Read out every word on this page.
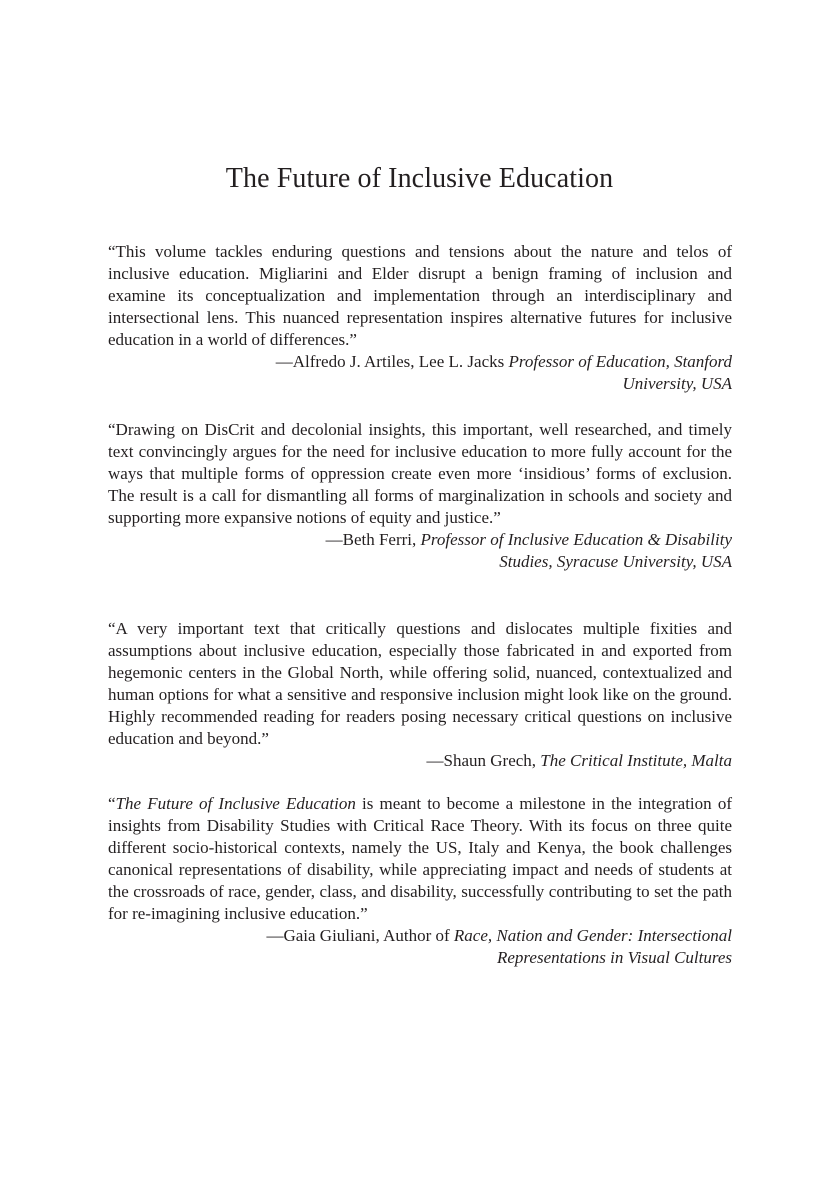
The Future of Inclusive Education

“This volume tackles enduring questions and tensions about the nature and telos of inclusive education. Migliarini and Elder disrupt a benign framing of inclusion and examine its conceptualization and implementation through an interdisciplinary and intersectional lens. This nuanced representation inspires alternative futures for inclusive education in a world of differences.”

—Alfredo J. Artiles, Lee L. Jacks Professor of Education, Stanford
University, USA

“Drawing on DisCrit and decolonial insights, this important, well researched, and timely text convincingly argues for the need for inclusive education to more fully account for the ways that multiple forms of oppression create even more ‘insidious’ forms of exclusion. The result is a call for dismantling all forms of marginalization in schools and society and supporting more expansive notions of equity and justice.”

—Beth Ferri, Professor of Inclusive Education & Disability
Studies, Syracuse University, USA

“A very important text that critically questions and dislocates multiple fixities and assumptions about inclusive education, especially those fabricated in and exported from hegemonic centers in the Global North, while offering solid, nuanced, contextualized and human options for what a sensitive and responsive inclusion might look like on the ground. Highly recommended reading for readers posing necessary critical questions on inclusive education and beyond.”

—Shaun Grech, The Critical Institute, Malta

“The Future of Inclusive Education is meant to become a milestone in the integration of insights from Disability Studies with Critical Race Theory. With its focus on three quite different socio-historical contexts, namely the US, Italy and Kenya, the book challenges canonical representations of disability, while appreciating impact and needs of students at the crossroads of race, gender, class, and disability, successfully contributing to set the path for re-imagining inclusive education.”

—Gaia Giuliani, Author of Race, Nation and Gender: Intersectional
Representations in Visual Cultures
